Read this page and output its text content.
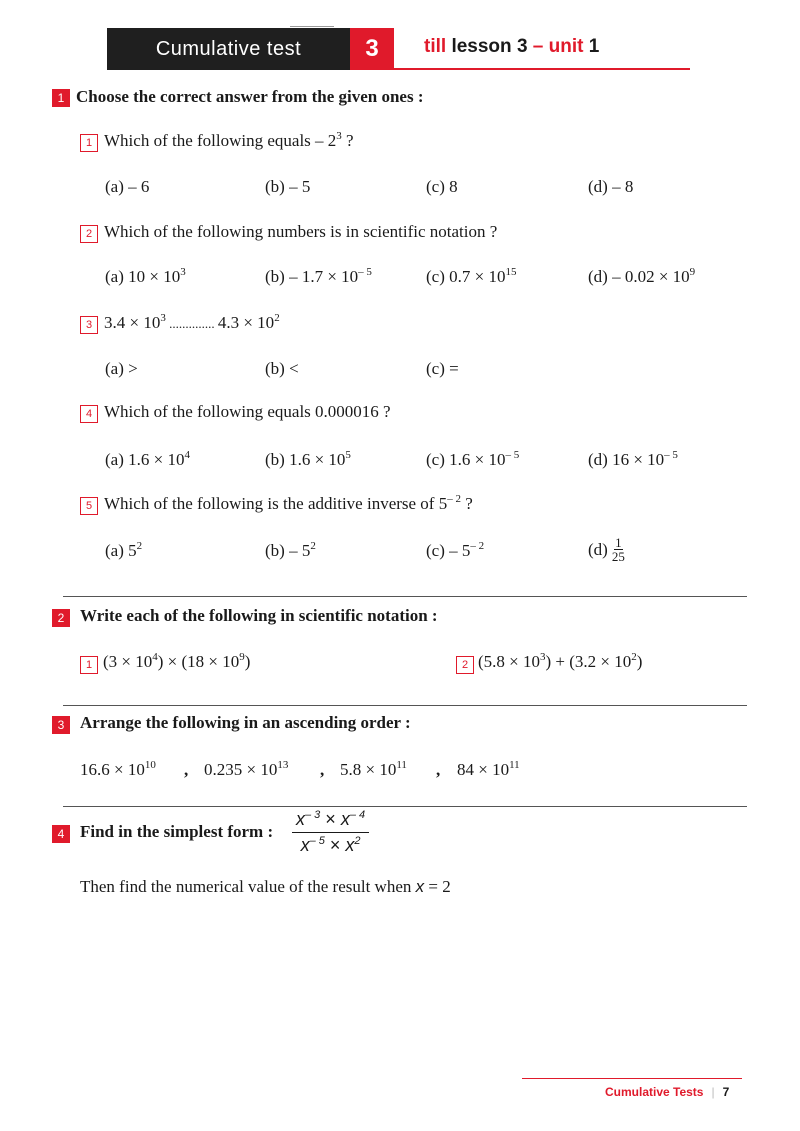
Cumulative test	3 till lesson 3 – unit 1
1 Choose the correct answer from the given ones :
1 Which of the following equals – $2^3$ ?
(a) – 6	(b) – 5	(c) 8	(d) – 8
2 Which of the following numbers is in scientific notation ?
(a) $10 \times 10^3$	$(b) - 1.7 \times 10^{- 5}$	(c) $0.7 \times 10^{15}$	$(d) - 0.02 \times 10^9$
3 $3.4 \times 10^3$ .............. $4.3 \times 10^2$
(a) >	(b) <	(c) =
4 Which of the following equals 0.000016 ?
(a) $1.6 \times 10^4$	(b) $1.6 \times 10^5$	(c) $1.6 \times 10^{- 5}$	(d) $16 \times 10^{- 5}$
5 Which of the following is the additive inverse of $5^{- 2}$ ?
(a) $5^2$	$(b) - 5^2$	$(c) - 5^{- 2}$	$(d) \frac{1}{25}$
2 Write each of the following in scientific notation :
1 $(3 \times 10^4) \times (18 \times 10^9)$	2 $(5.8 \times 10^3) + (3.2 \times 10^2)$
3 Arrange the following in an ascending order :
$16.6 \times 10^{10}$ , $0.235 \times 10^{13}$ , $5.8 \times 10^{11}$ , $84 \times 10^{11}$
4 Find in the simplest form : $\frac{x^{- 3} \times x^{- 4}}{x^{- 5} \times x^2}$
Then find the numerical value of the result when x = 2
Cumulative Tests | 7
